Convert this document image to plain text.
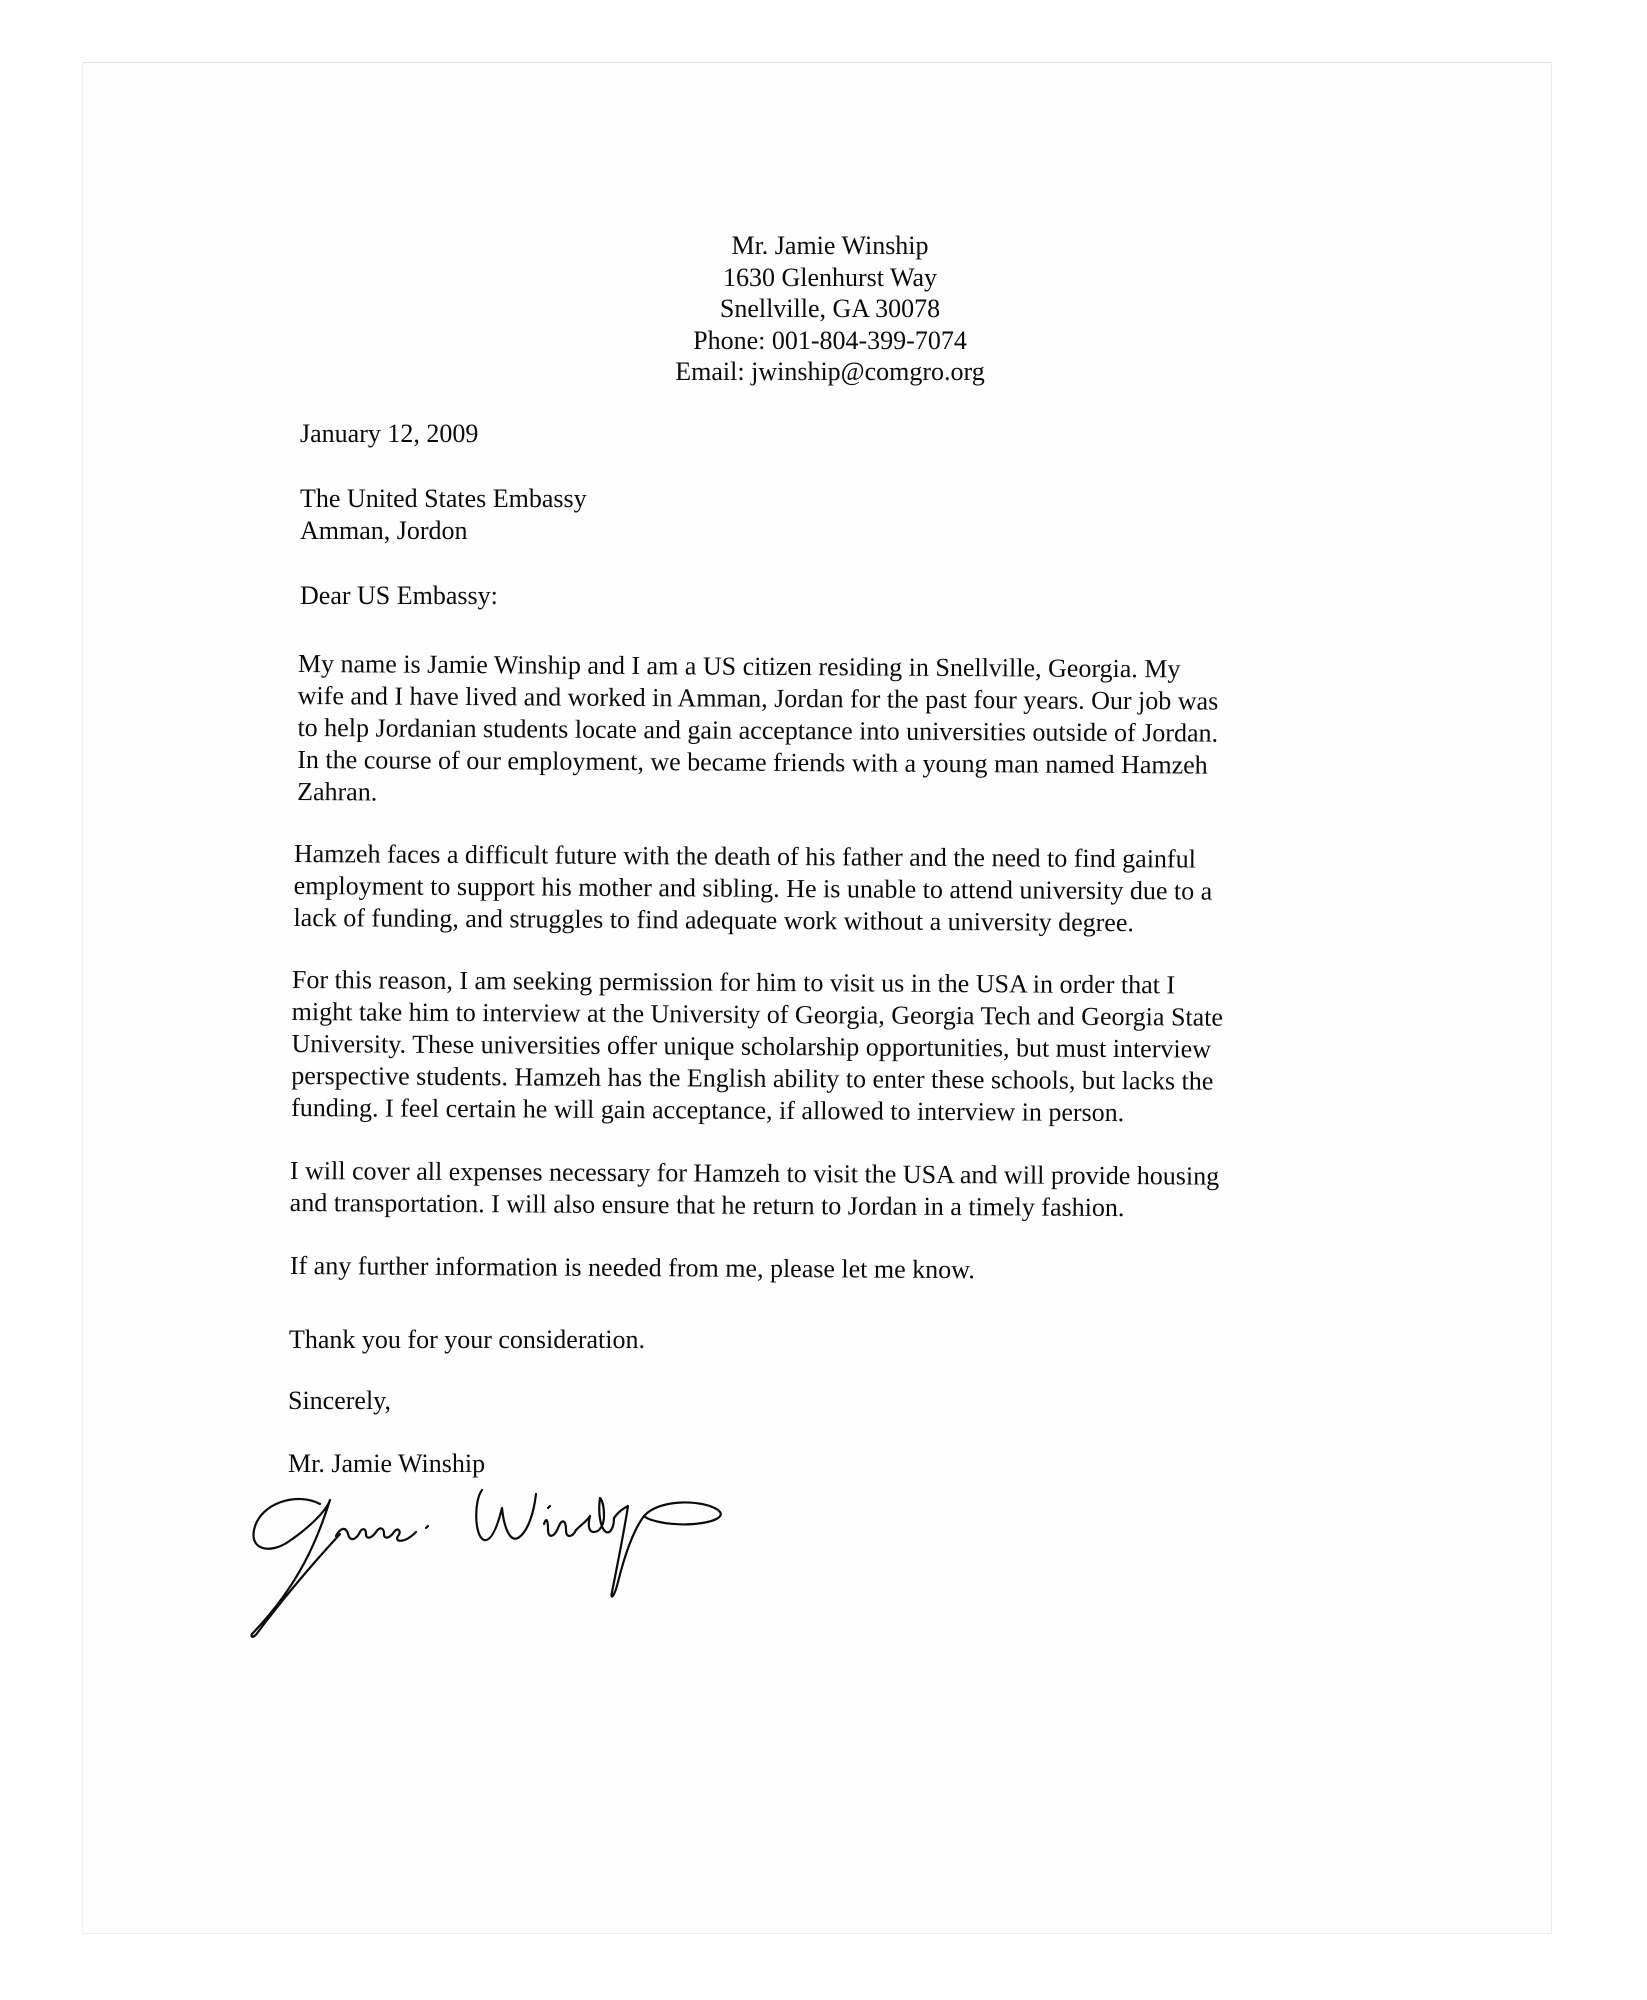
Mr. Jamie Winship
1630 Glenhurst Way
Snellville, GA 30078
Phone: 001-804-399-7074
Email: jwinship@comgro.org
January 12, 2009
The United States Embassy
Amman, Jordon
Dear US Embassy:
My name is Jamie Winship and I am a US citizen residing in Snellville, Georgia. My
wife and I have lived and worked in Amman, Jordan for the past four years. Our job was
to help Jordanian students locate and gain acceptance into universities outside of Jordan.
In the course of our employment, we became friends with a young man named Hamzeh
Zahran.
Hamzeh faces a difficult future with the death of his father and the need to find gainful
employment to support his mother and sibling. He is unable to attend university due to a
lack of funding, and struggles to find adequate work without a university degree.
For this reason, I am seeking permission for him to visit us in the USA in order that I
might take him to interview at the University of Georgia, Georgia Tech and Georgia State
University. These universities offer unique scholarship opportunities, but must interview
perspective students. Hamzeh has the English ability to enter these schools, but lacks the
funding. I feel certain he will gain acceptance, if allowed to interview in person.
I will cover all expenses necessary for Hamzeh to visit the USA and will provide housing
and transportation. I will also ensure that he return to Jordan in a timely fashion.
If any further information is needed from me, please let me know.
Thank you for your consideration.
Sincerely,
Mr. Jamie Winship
